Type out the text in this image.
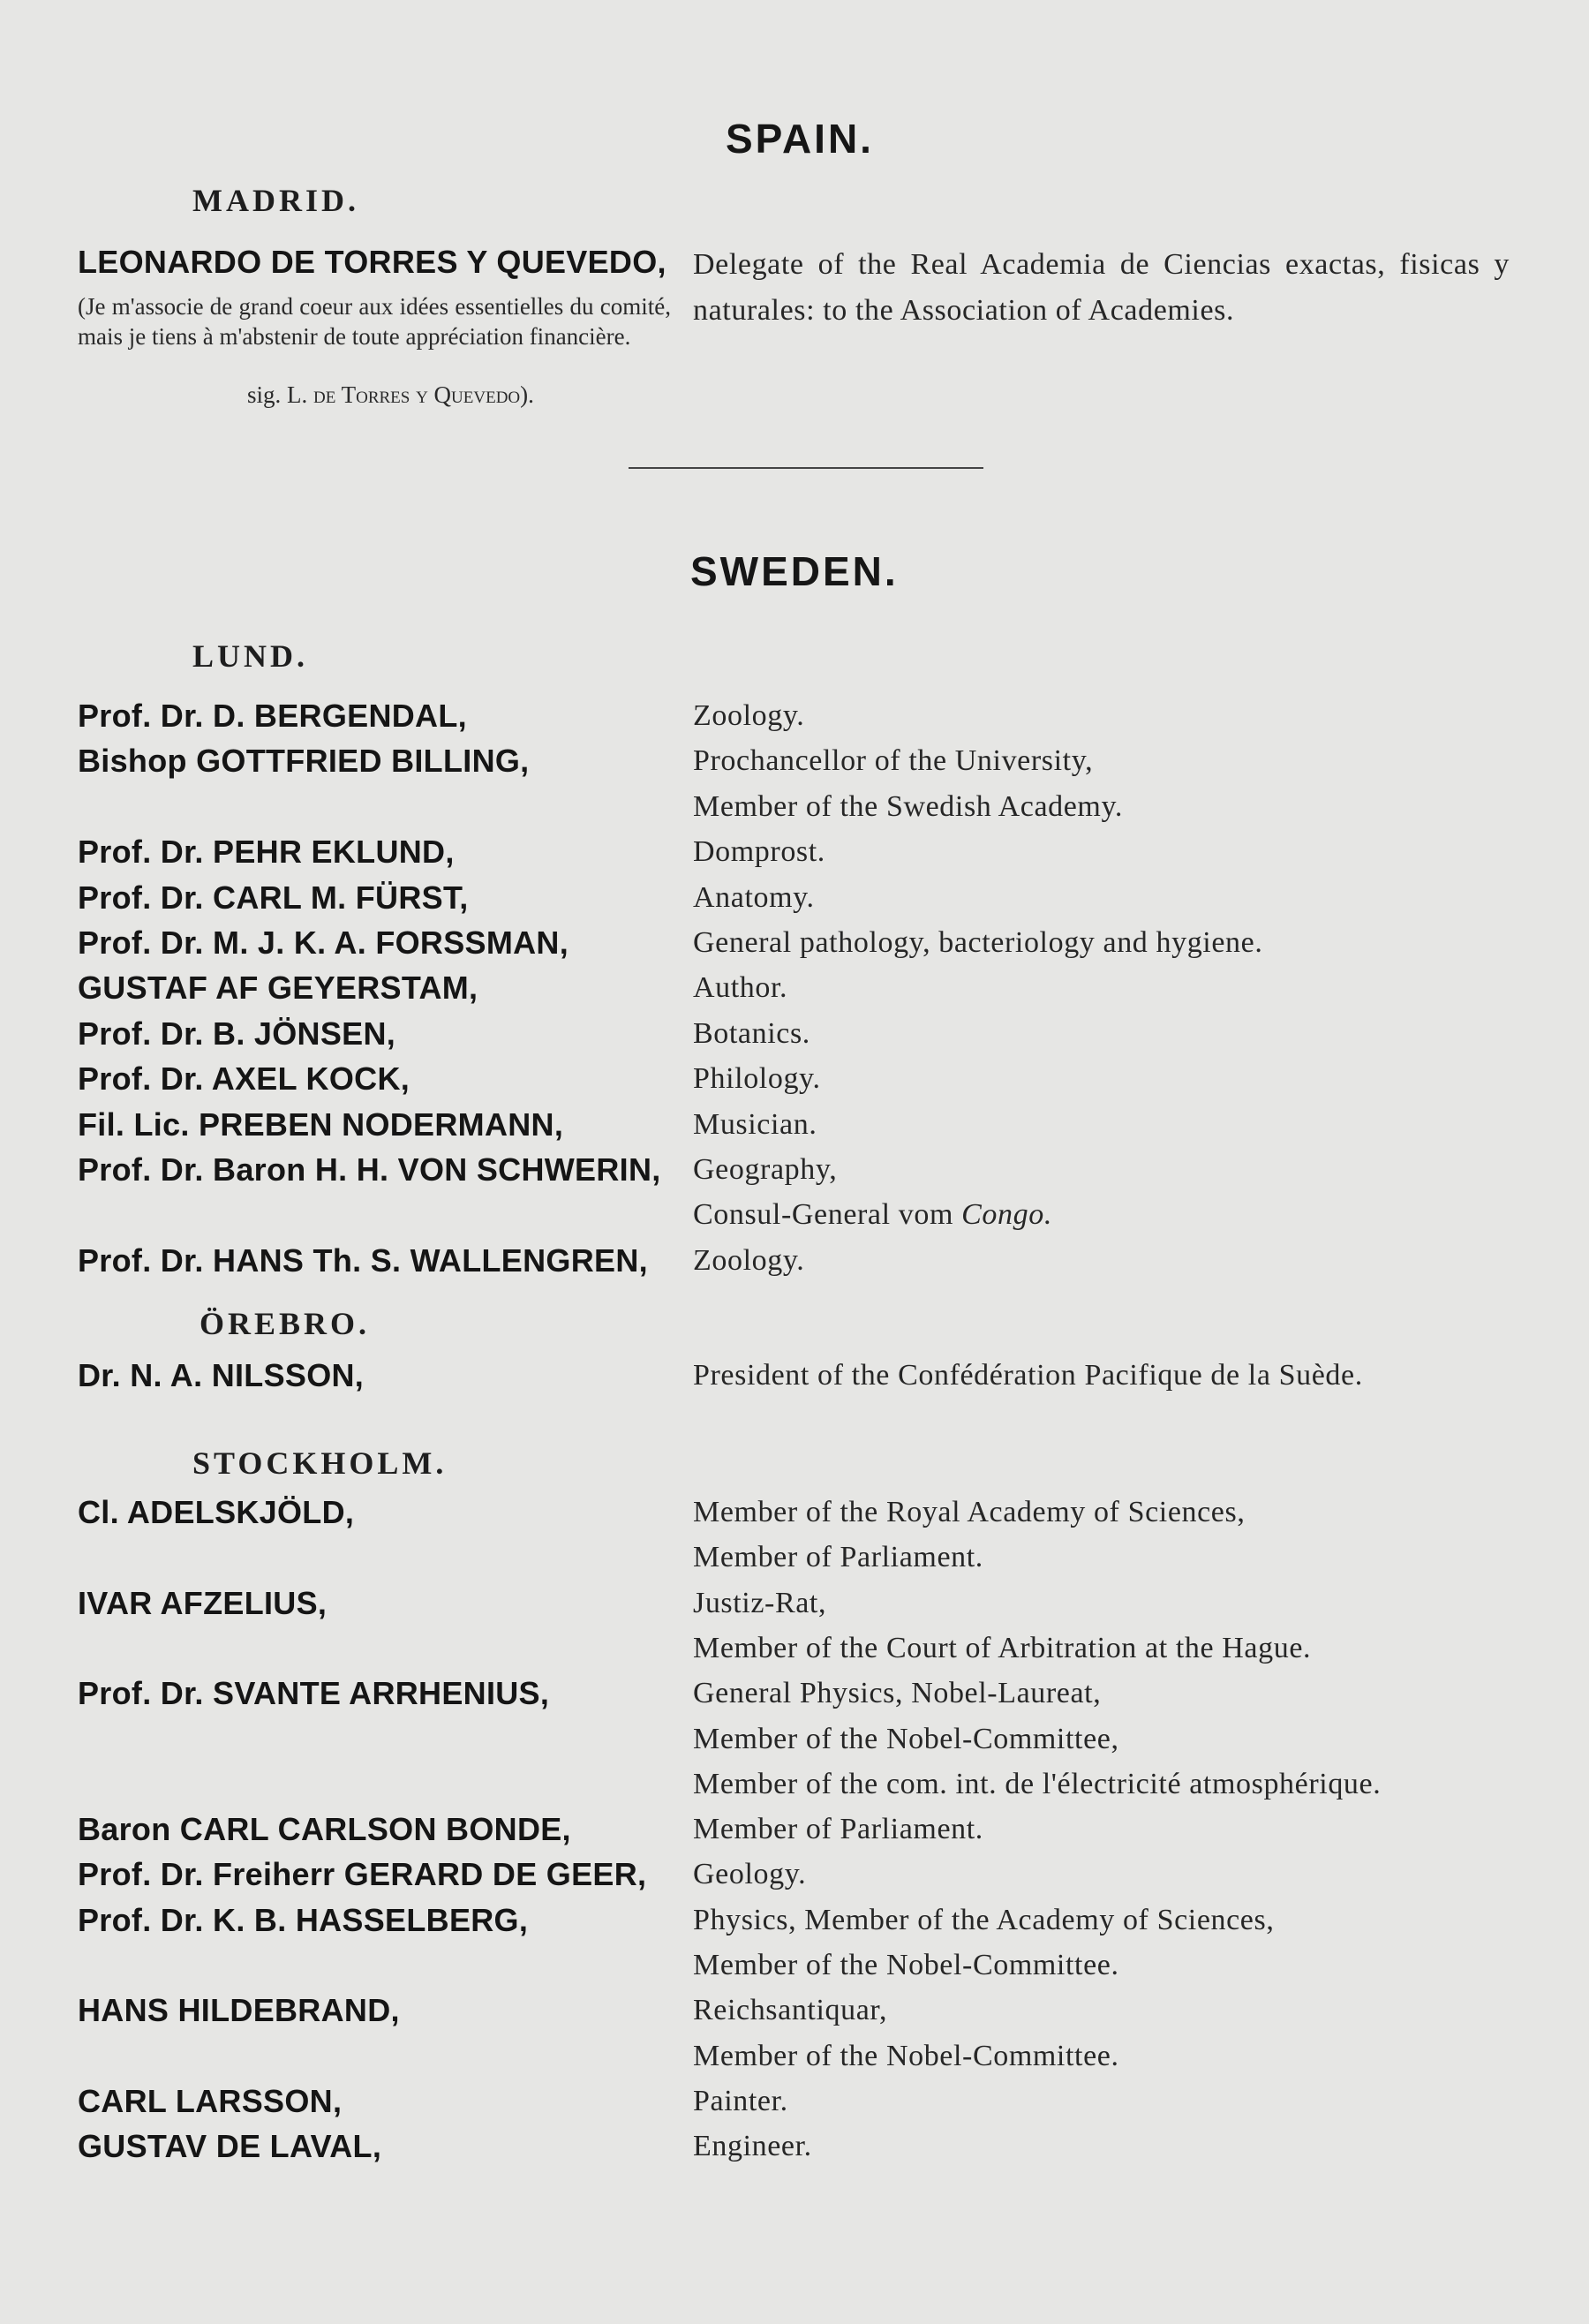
SPAIN.
MADRID.
LEONARDO DE TORRES Y QUEVEDO, Delegate of the Real Academia de Ciencias exactas, fisicas y naturales: to the Association of Academies.
(Je m'associe de grand coeur aux idées essentielles du comité, mais je tiens à m'abstenir de toute appréciation financière.
sig. L. de Torres y Quevedo).
SWEDEN.
LUND.
Prof. Dr. D. BERGENDAL,	Zoology.
Bishop GOTTFRIED BILLING,	Prochancellor of the University,
Member of the Swedish Academy.
Prof. Dr. PEHR EKLUND,	Domprost.
Prof. Dr. CARL M. FÜRST,	Anatomy.
Prof. Dr. M. J. K. A. FORSSMAN,	General pathology, bacteriology and hygiene.
GUSTAF AF GEYERSTAM,	Author.
Prof. Dr. B. JÖNSEN,	Botanics.
Prof. Dr. AXEL KOCK,	Philology.
Fil. Lic. PREBEN NODERMANN,	Musician.
Prof. Dr. Baron H. H. VON SCHWERIN, Geography,
Consul-General vom Congo.
Prof. Dr. HANS Th. S. WALLENGREN, Zoology.
ÖREBRO.
Dr. N. A. NILSSON,	President of the Confédération Pacifique de la Suède.
STOCKHOLM.
Cl. ADELSKJÖLD,	Member of the Royal Academy of Sciences,
Member of Parliament.
IVAR AFZELIUS,	Justiz-Rat,
Member of the Court of Arbitration at the Hague.
Prof. Dr. SVANTE ARRHENIUS,	General Physics, Nobel-Laureat,
Member of the Nobel-Committee,
Member of the com. int. de l'électricité atmosphérique.
Baron CARL CARLSON BONDE,	Member of Parliament.
Prof. Dr. Freiherr GERARD DE GEER, Geology.
Prof. Dr. K. B. HASSELBERG,	Physics, Member of the Academy of Sciences,
Member of the Nobel-Committee.
HANS HILDEBRAND,	Reichsantiquar,
Member of the Nobel-Committee.
CARL LARSSON,	Painter.
GUSTAV DE LAVAL,	Engineer.
